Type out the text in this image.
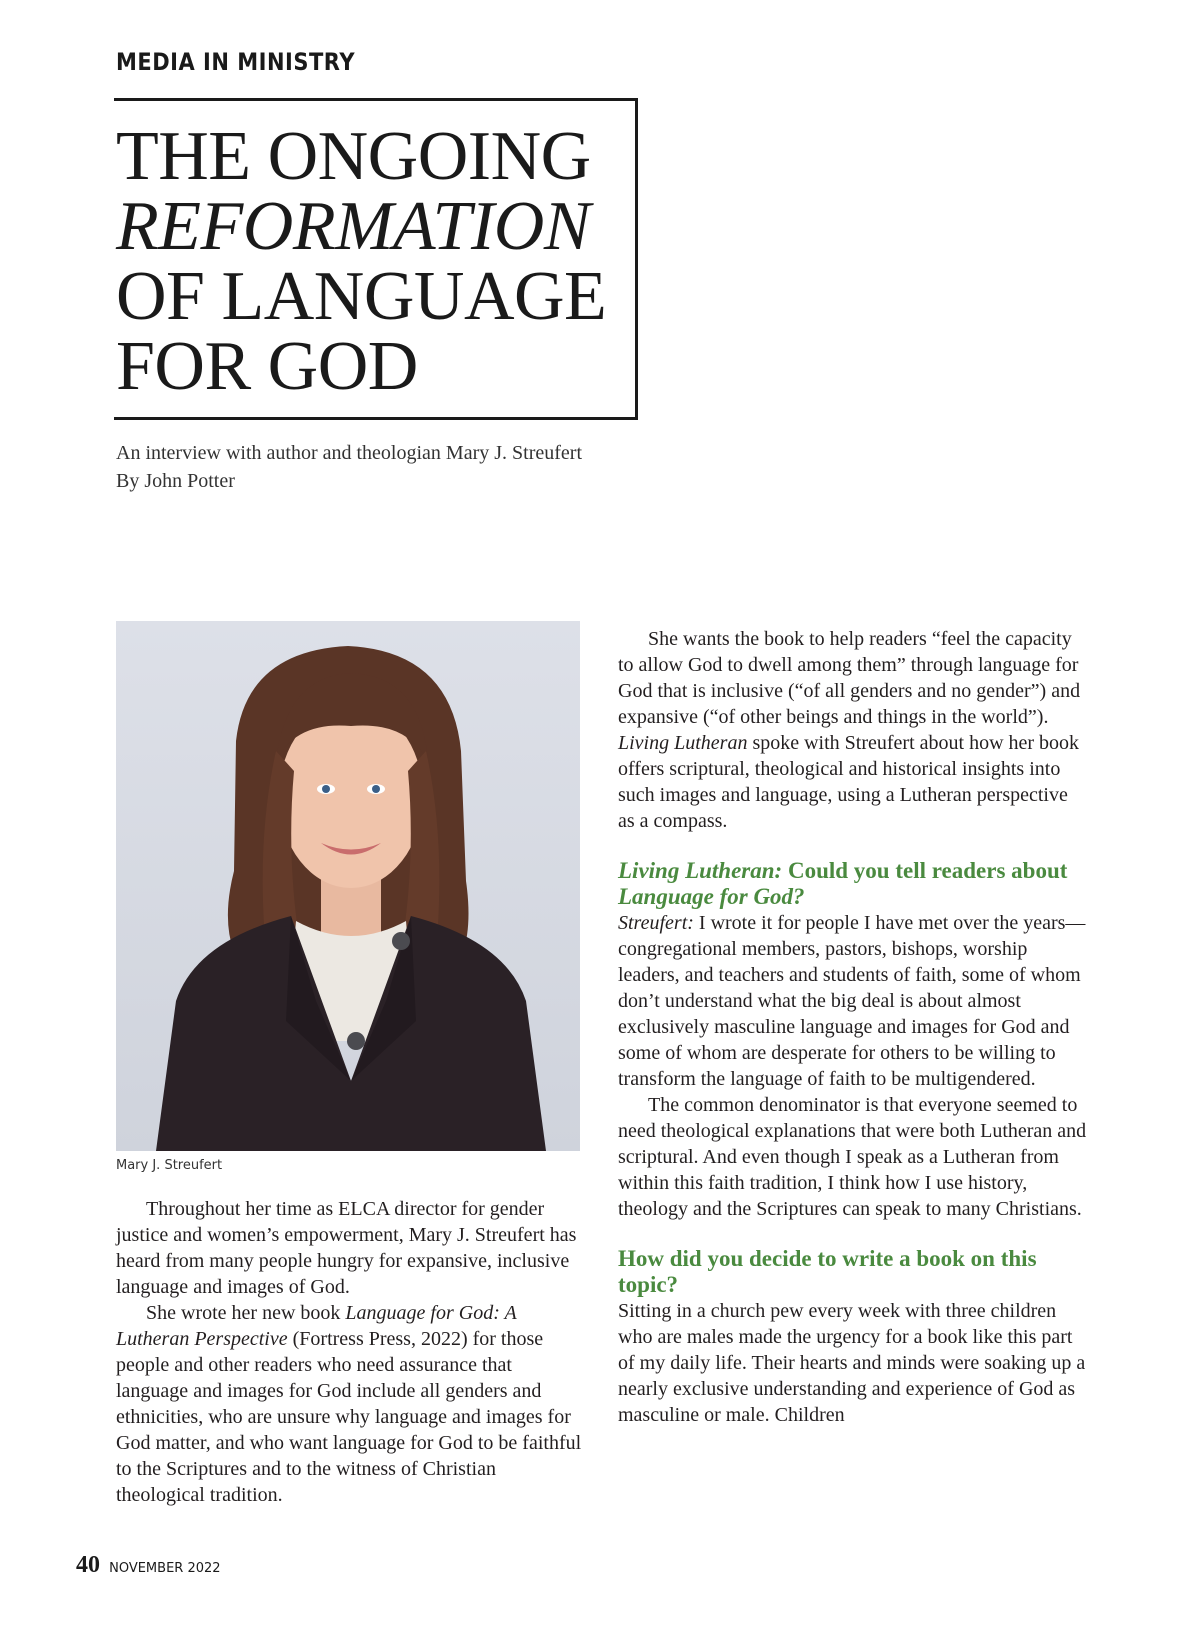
MEDIA IN MINISTRY
THE ONGOING
REFORMATION
OF LANGUAGE
FOR GOD
An interview with author and theologian Mary J. Streufert
By John Potter
Mary J. Streufert

Throughout her time as ELCA director for gender justice and women’s empowerment, Mary J. Streufert has heard from many people hungry for expansive, inclusive language and images of God.

She wrote her new book Language for God: A Lutheran Perspective (Fortress Press, 2022) for those people and other readers who need assurance that language and images for God include all genders and ethnicities, who are unsure why language and images for God matter, and who want language for God to be faithful to the Scriptures and to the witness of Christian theological tradition.

She wants the book to help readers “feel the capacity to allow God to dwell among them” through language for God that is inclusive (“of all genders and no gender”) and expansive (“of other beings and things in the world”). Living Lutheran spoke with Streufert about how her book offers scriptural, theological and historical insights into such images and language, using a Lutheran perspective as a compass.

Living Lutheran: Could you tell readers about Language for God?

Streufert: I wrote it for people I have met over the years—congregational members, pastors, bishops, worship leaders, and teachers and students of faith, some of whom don’t understand what the big deal is about almost exclusively masculine language and images for God and some of whom are desperate for others to be willing to transform the language of faith to be multigendered.

The common denominator is that everyone seemed to need theological explanations that were both Lutheran and scriptural. And even though I speak as a Lutheran from within this faith tradition, I think how I use history, theology and the Scriptures can speak to many Christians.

How did you decide to write a book on this topic?

Sitting in a church pew every week with three children who are males made the urgency for a book like this part of my daily life. Their hearts and minds were soaking up a nearly exclusive understanding and experience of God as masculine or male. Children

40 NOVEMBER 2022
